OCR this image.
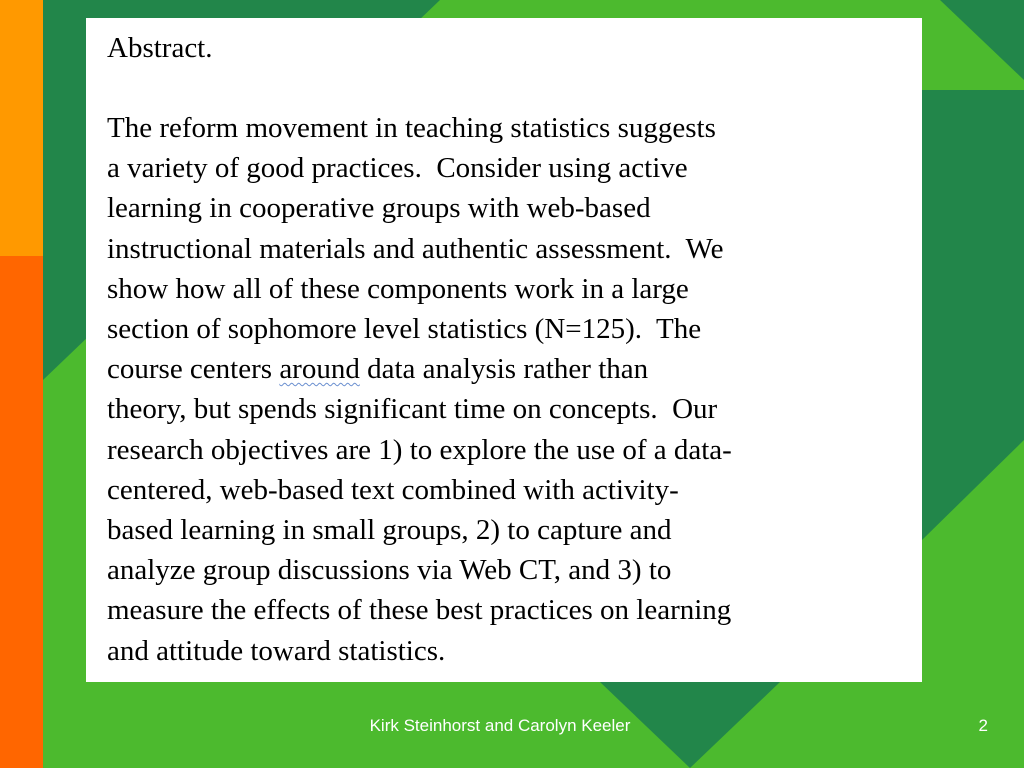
Abstract.
The reform movement in teaching statistics suggests
a variety of good practices.  Consider using active
learning in cooperative groups with web-based
instructional materials and authentic assessment.  We
show how all of these components work in a large
section of sophomore level statistics (N=125).  The
course centers around data analysis rather than
theory, but spends significant time on concepts.  Our
research objectives are 1) to explore the use of a data-
centered, web-based text combined with activity-
based learning in small groups, 2) to capture and
analyze group discussions via Web CT, and 3) to
measure the effects of these best practices on learning
and attitude toward statistics.
Kirk Steinhorst and Carolyn Keeler	2
